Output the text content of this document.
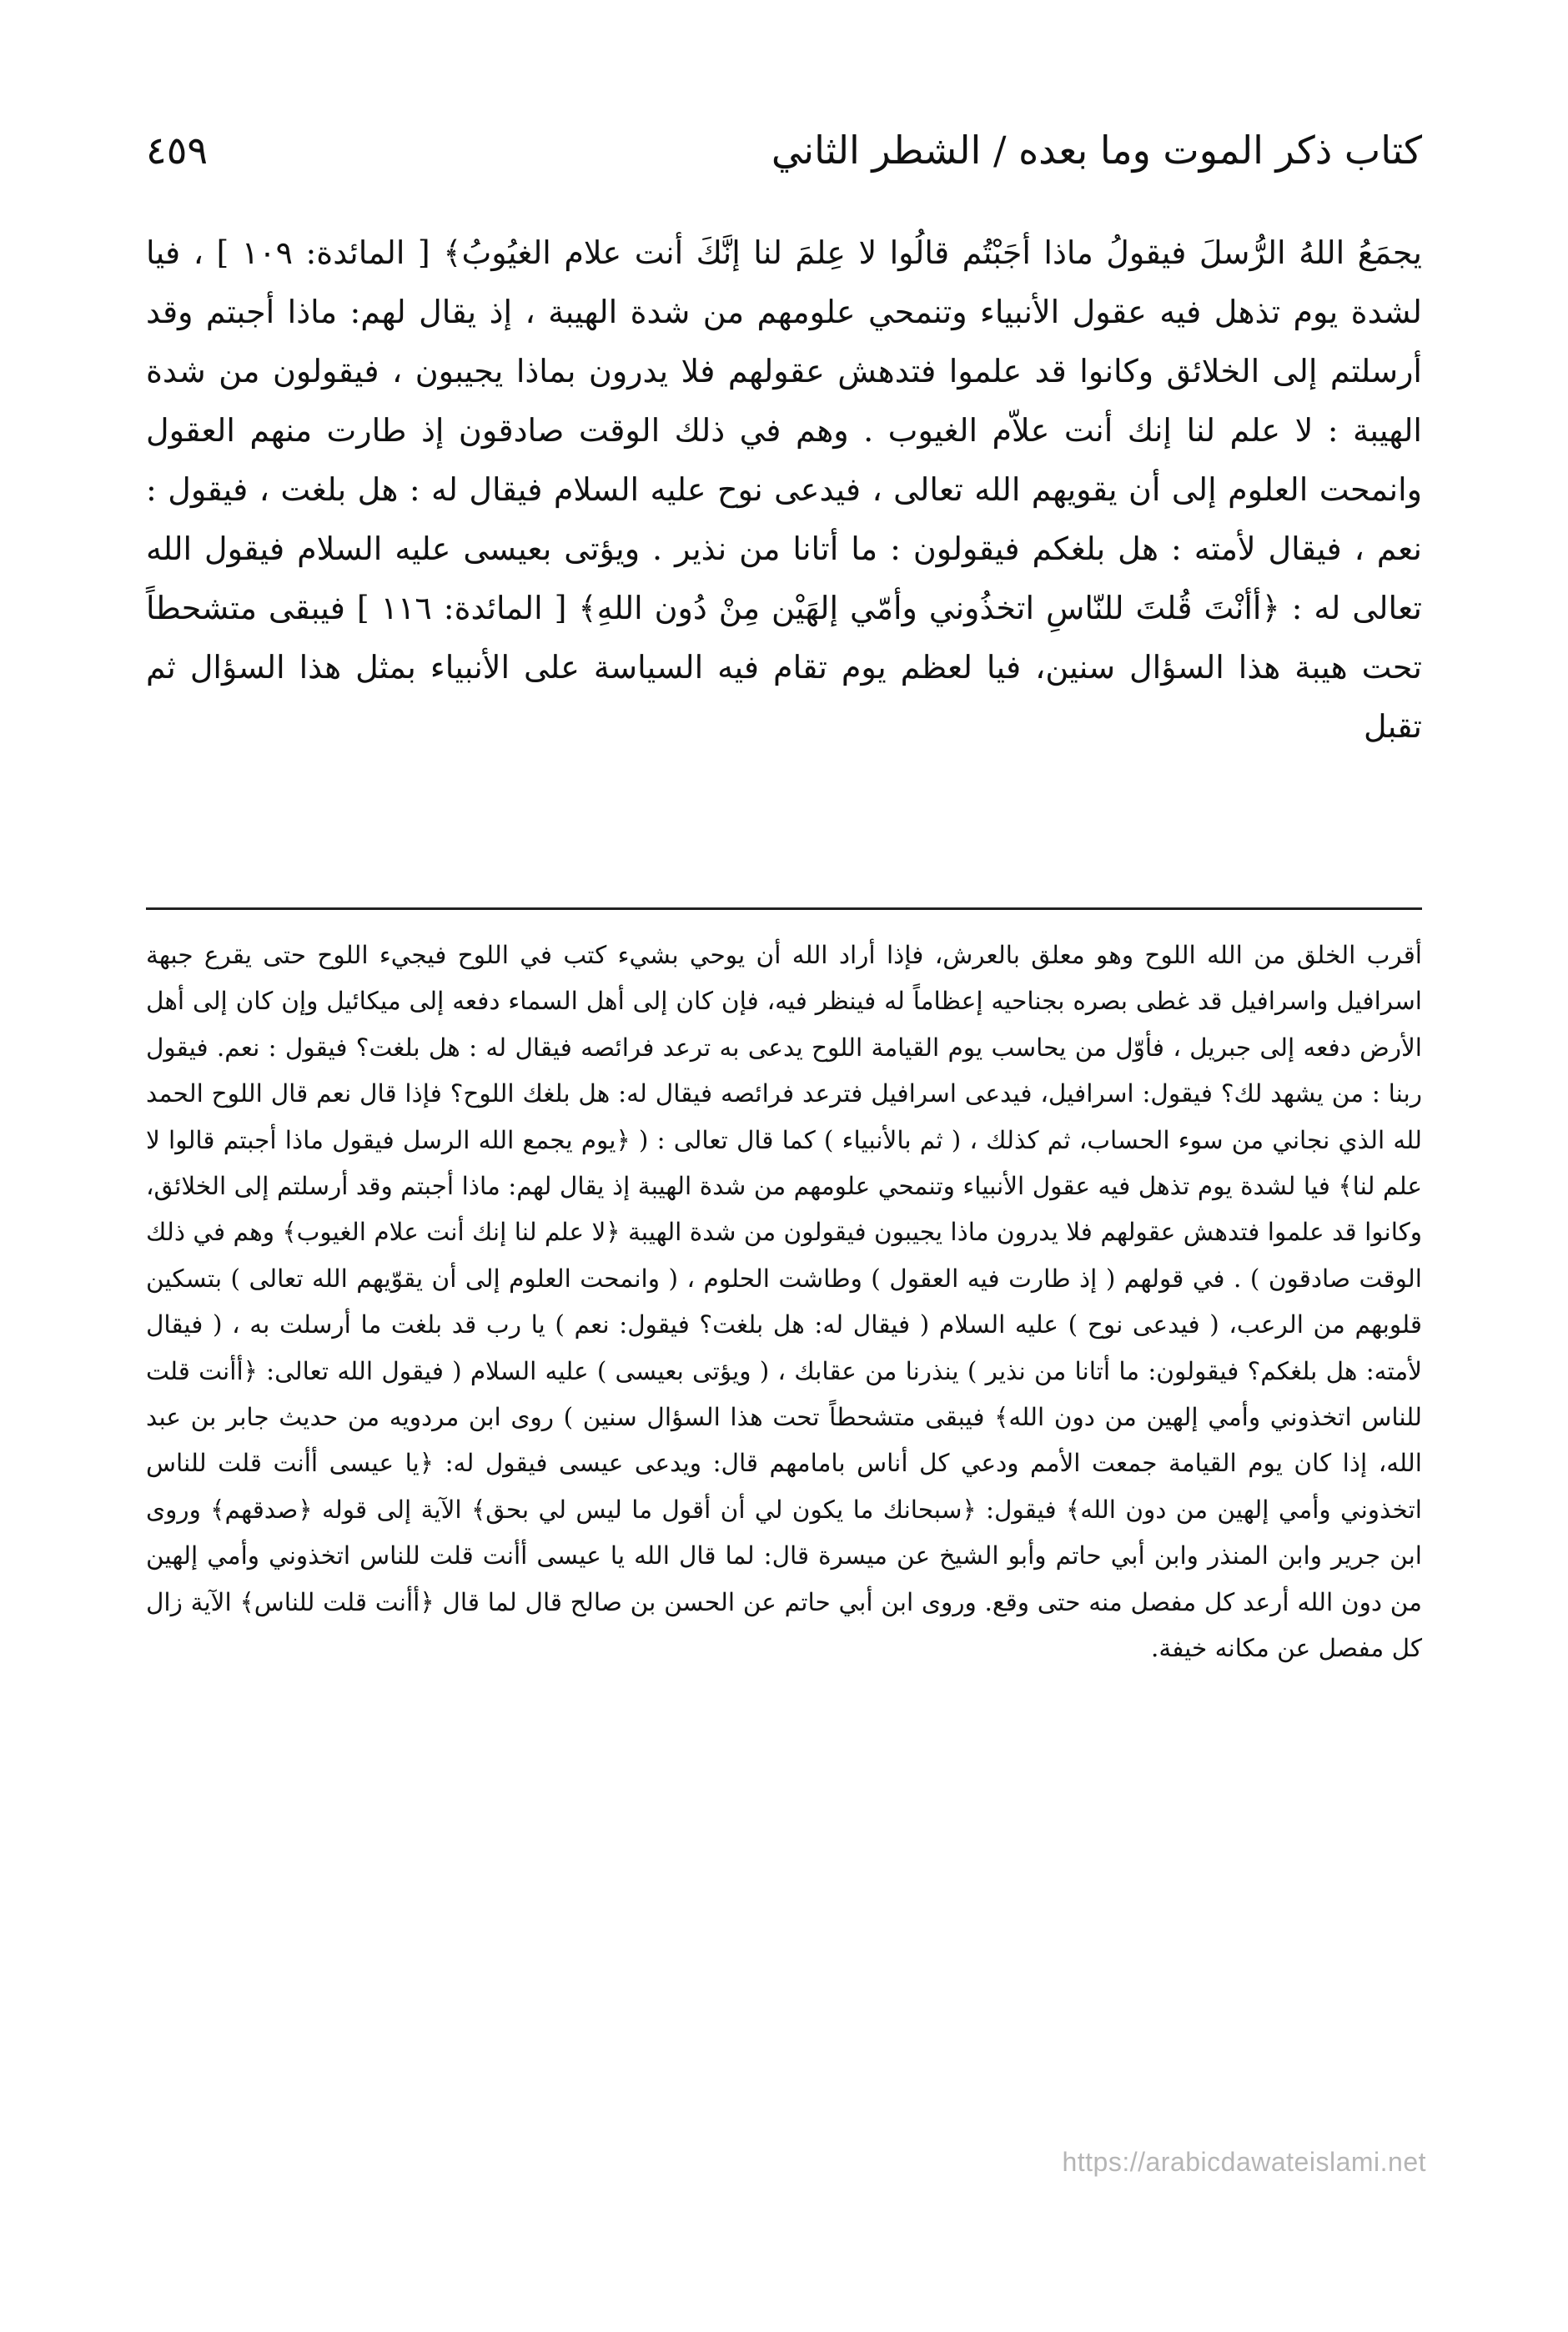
كتاب ذكر الموت وما بعده / الشطر الثاني
٤٥٩

يجمَعُ اللهُ الرُّسلَ فيقولُ ماذا أجَبْتُم قالُوا لا عِلمَ لنا إنَّكَ أنت علام الغيُوبُ﴾ [ المائدة: ١٠٩ ] ، فيا لشدة يوم تذهل فيه عقول الأنبياء وتنمحي علومهم من شدة الهيبة ، إذ يقال لهم: ماذا أجبتم وقد أرسلتم إلى الخلائق وكانوا قد علموا فتدهش عقولهم فلا يدرون بماذا يجيبون ، فيقولون من شدة الهيبة : لا علم لنا إنك أنت علاّم الغيوب . وهم في ذلك الوقت صادقون إذ طارت منهم العقول وانمحت العلوم إلى أن يقويهم الله تعالى ، فيدعى نوح عليه السلام فيقال له : هل بلغت ، فيقول : نعم ، فيقال لأمته : هل بلغكم فيقولون : ما أتانا من نذير . ويؤتى بعيسى عليه السلام فيقول الله تعالى له : ﴿أأنْتَ قُلتَ للنّاسِ اتخذُوني وأمّي إلهَيْن مِنْ دُون اللهِ﴾ [ المائدة: ١١٦ ] فيبقى متشحطاً تحت هيبة هذا السؤال سنين، فيا لعظم يوم تقام فيه السياسة على الأنبياء بمثل هذا السؤال ثم تقبل

أقرب الخلق من الله اللوح وهو معلق بالعرش، فإذا أراد الله أن يوحي بشيء كتب في اللوح فيجيء اللوح حتى يقرع جبهة اسرافيل واسرافيل قد غطى بصره بجناحيه إعظاماً له فينظر فيه، فإن كان إلى أهل السماء دفعه إلى ميكائيل وإن كان إلى أهل الأرض دفعه إلى جبريل ، فأوّل من يحاسب يوم القيامة اللوح يدعى به ترعد فرائصه فيقال له : هل بلغت؟ فيقول : نعم. فيقول ربنا : من يشهد لك؟ فيقول: اسرافيل، فيدعى اسرافيل فترعد فرائصه فيقال له: هل بلغك اللوح؟ فإذا قال نعم قال اللوح الحمد لله الذي نجاني من سوء الحساب، ثم كذلك ، ( ثم بالأنبياء ) كما قال تعالى : ( ﴿يوم يجمع الله الرسل فيقول ماذا أجبتم قالوا لا علم لنا﴾ فيا لشدة يوم تذهل فيه عقول الأنبياء وتنمحي علومهم من شدة الهيبة إذ يقال لهم: ماذا أجبتم وقد أرسلتم إلى الخلائق، وكانوا قد علموا فتدهش عقولهم فلا يدرون ماذا يجيبون فيقولون من شدة الهيبة ﴿لا علم لنا إنك أنت علام الغيوب﴾ وهم في ذلك الوقت صادقون ) . في قولهم ( إذ طارت فيه العقول ) وطاشت الحلوم ، ( وانمحت العلوم إلى أن يقوّيهم الله تعالى ) بتسكين قلوبهم من الرعب، ( فيدعى نوح ) عليه السلام ( فيقال له: هل بلغت؟ فيقول: نعم ) يا رب قد بلغت ما أرسلت به ، ( فيقال لأمته: هل بلغكم؟ فيقولون: ما أتانا من نذير ) ينذرنا من عقابك ، ( ويؤتى بعيسى ) عليه السلام ( فيقول الله تعالى: ﴿أأنت قلت للناس اتخذوني وأمي إلهين من دون الله﴾ فيبقى متشحطاً تحت هذا السؤال سنين ) روى ابن مردويه من حديث جابر بن عبد الله، إذا كان يوم القيامة جمعت الأمم ودعي كل أناس بامامهم قال: ويدعى عيسى فيقول له: ﴿يا عيسى أأنت قلت للناس اتخذوني وأمي إلهين من دون الله﴾ فيقول: ﴿سبحانك ما يكون لي أن أقول ما ليس لي بحق﴾ الآية إلى قوله ﴿صدقهم﴾ وروى ابن جرير وابن المنذر وابن أبي حاتم وأبو الشيخ عن ميسرة قال: لما قال الله يا عيسى أأنت قلت للناس اتخذوني وأمي إلهين من دون الله أرعد كل مفصل منه حتى وقع. وروى ابن أبي حاتم عن الحسن بن صالح قال لما قال ﴿أأنت قلت للناس﴾ الآية زال كل مفصل عن مكانه خيفة.

https://arabicdawateislami.net
